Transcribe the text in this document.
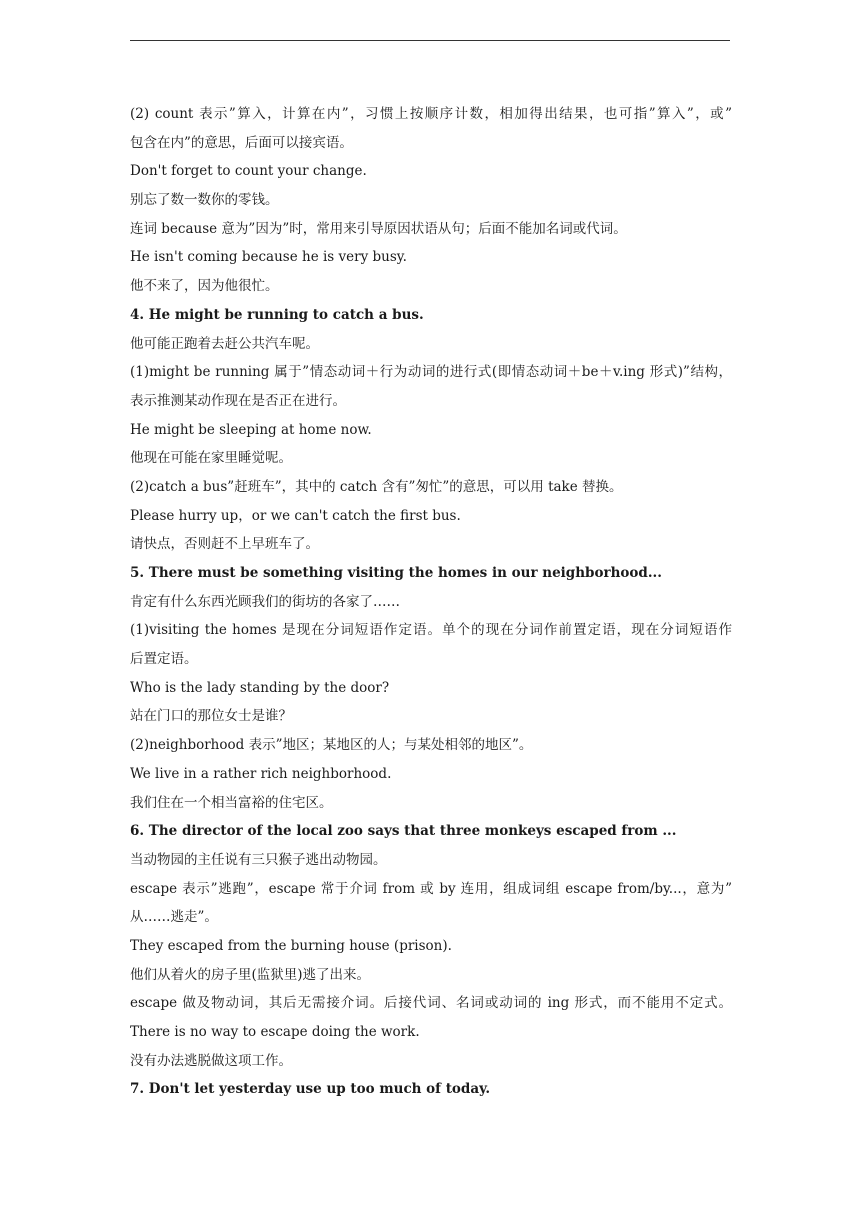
(2) count 表示”算入，计算在内”，习惯上按顺序计数，相加得出结果，也可指”算入”，或”
包含在内”的意思，后面可以接宾语。
Don't forget to count your change.
别忘了数一数你的零钱。
连词 because 意为”因为”时，常用来引导原因状语从句；后面不能加名词或代词。
He isn't coming because he is very busy.
他不来了，因为他很忙。
4. He might be running to catch a bus.
他可能正跑着去赶公共汽车呢。
(1)might be running 属于”情态动词＋行为动词的进行式(即情态动词＋be＋v.ing 形式)”结构，
表示推测某动作现在是否正在进行。
He might be sleeping at home now.
他现在可能在家里睡觉呢。
(2)catch a bus”赶班车”，其中的 catch 含有”匆忙”的意思，可以用 take 替换。
Please hurry up，or we can't catch the first bus.
请快点，否则赶不上早班车了。
5. There must be something visiting the homes in our neighborhood...
肯定有什么东西光顾我们的街坊的各家了……
(1)visiting the homes 是现在分词短语作定语。单个的现在分词作前置定语，现在分词短语作
后置定语。
Who is the lady standing by the door?
站在门口的那位女士是谁？
(2)neighborhood 表示”地区；某地区的人；与某处相邻的地区”。
We live in a rather rich neighborhood.
我们住在一个相当富裕的住宅区。
6. The director of the local zoo says that three monkeys escaped from ...
当动物园的主任说有三只猴子逃出动物园。
escape 表示”逃跑”，escape 常于介词 from 或 by 连用，组成词组 escape from/by...，意为”
从……逃走”。
They escaped from the burning house (prison).
他们从着火的房子里(监狱里)逃了出来。
escape 做及物动词，其后无需接介词。后接代词、名词或动词的 ing 形式，而不能用不定式。
There is no way to escape doing the work.
没有办法逃脱做这项工作。
7. Don't let yesterday use up too much of today.
